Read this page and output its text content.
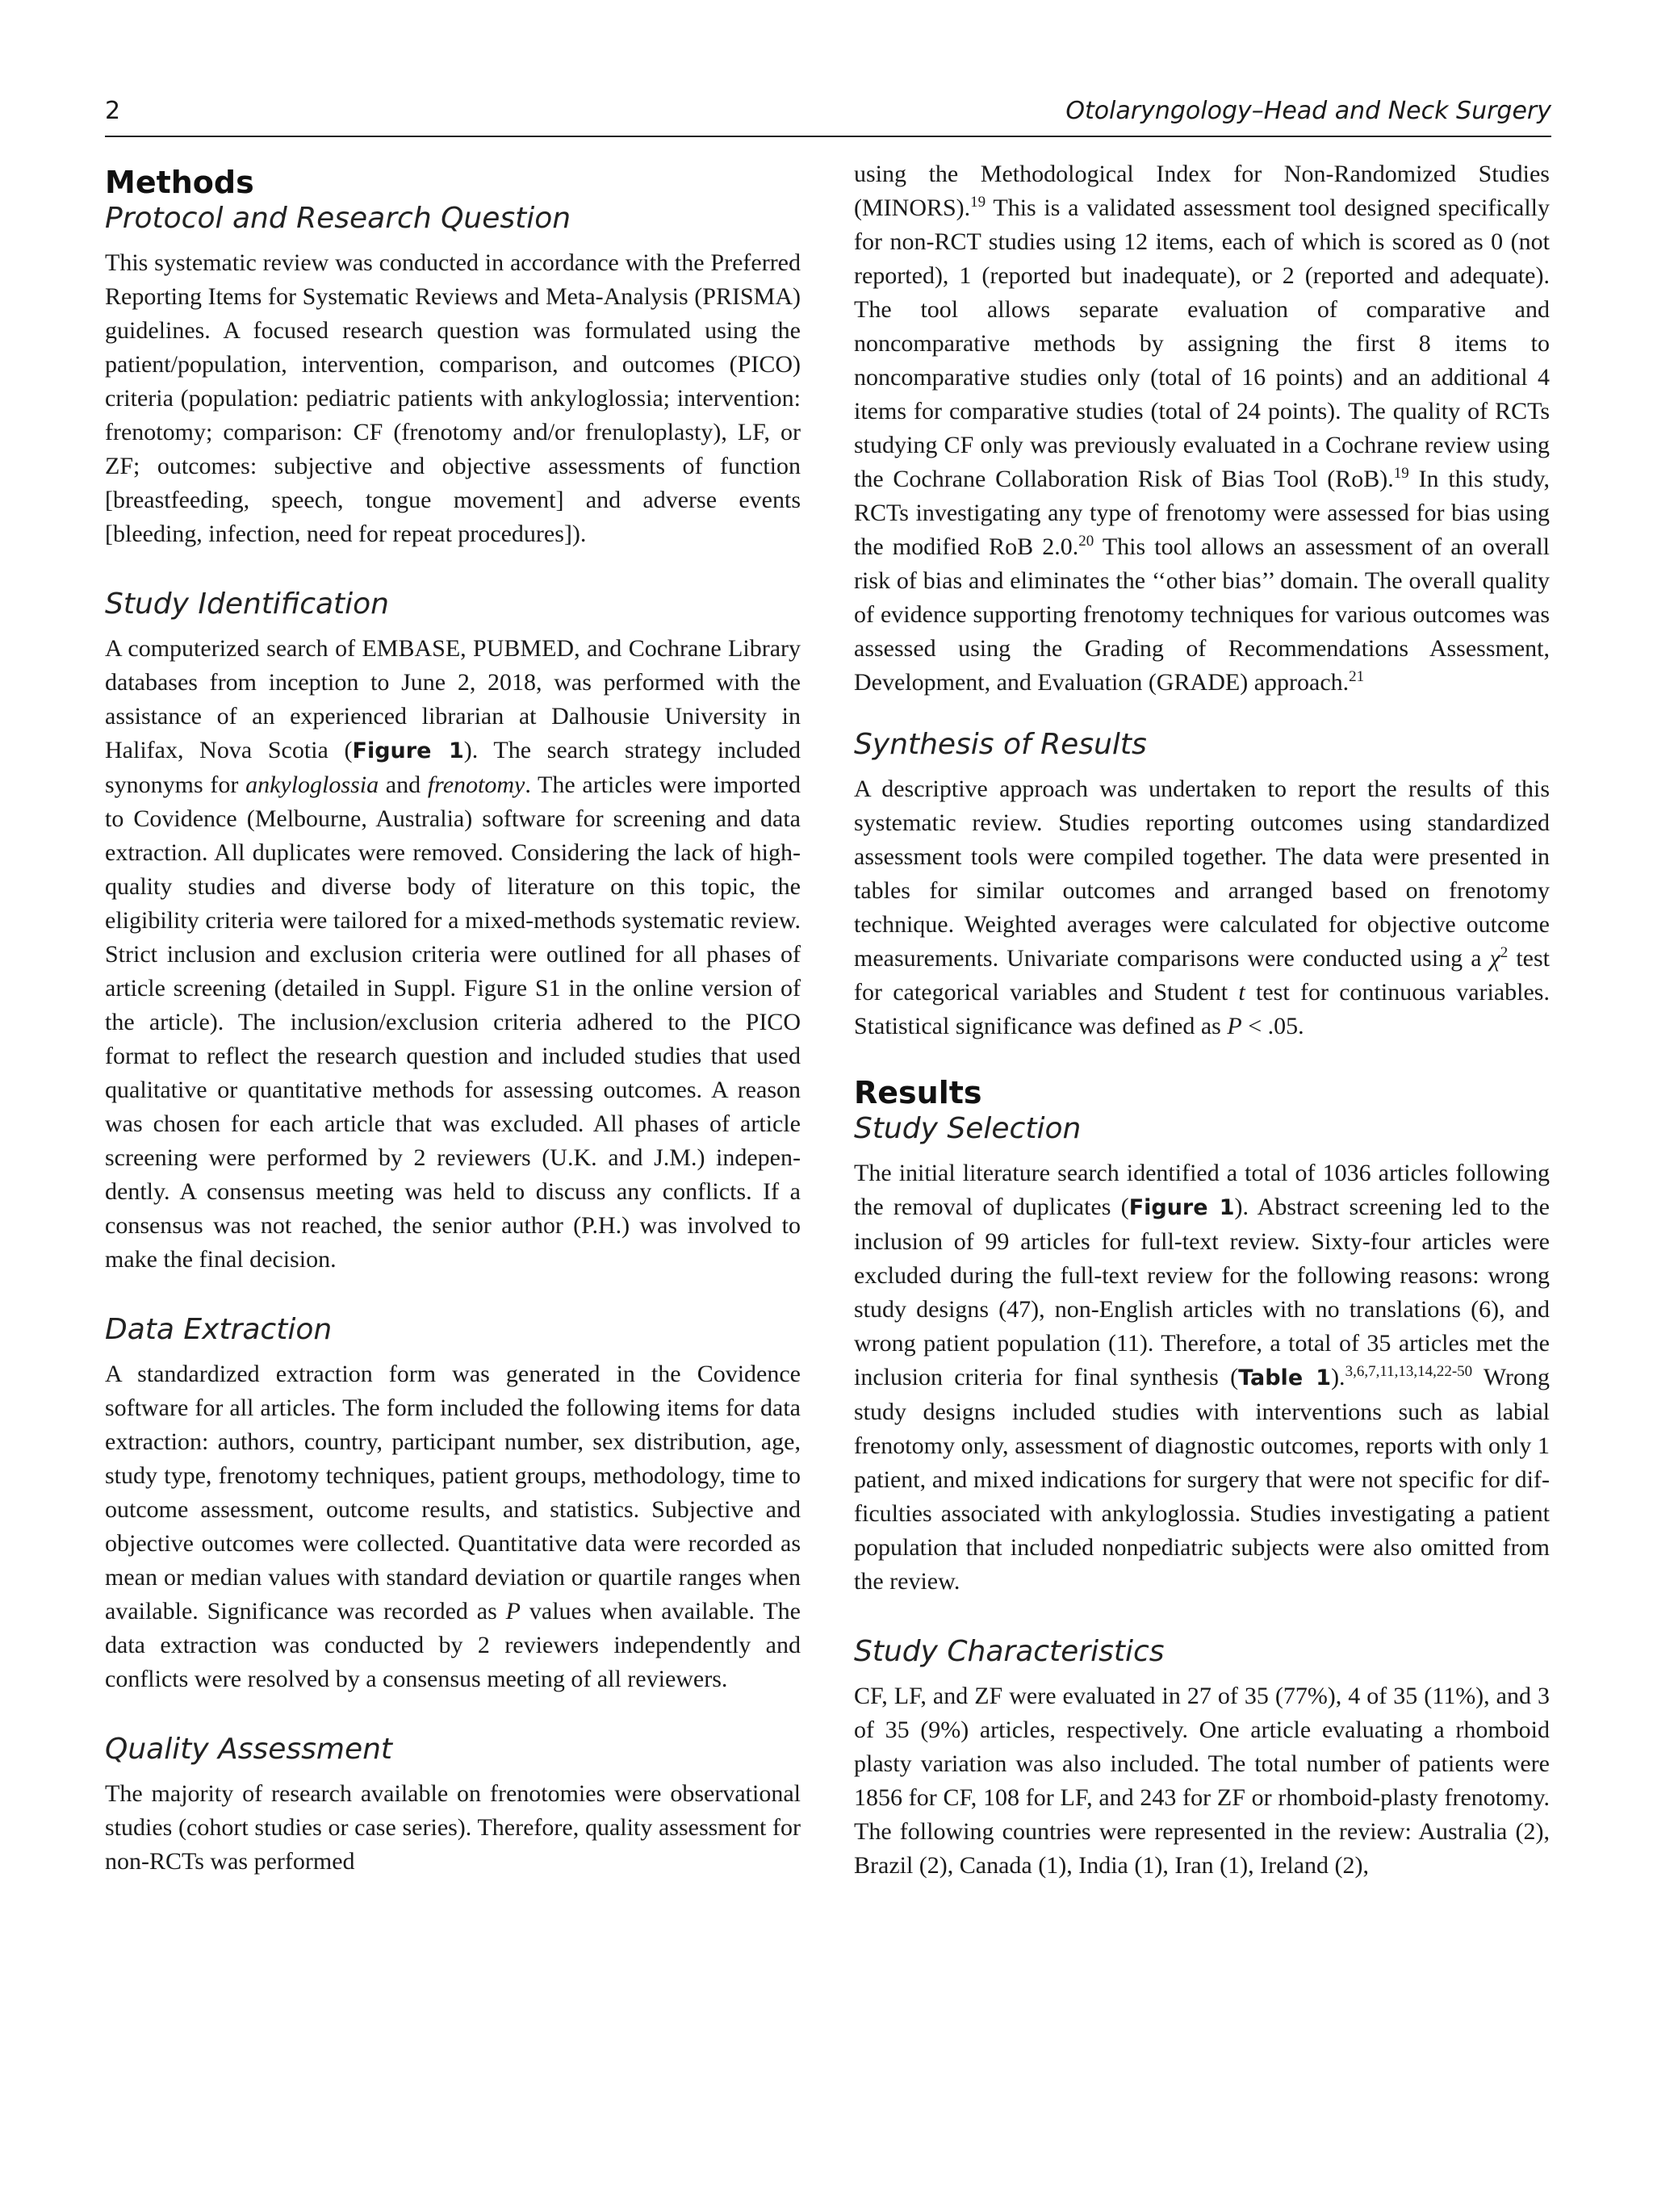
2	Otolaryngology–Head and Neck Surgery
Methods
Protocol and Research Question

This systematic review was conducted in accordance with the Preferred Reporting Items for Systematic Reviews and Meta-Analysis (PRISMA) guidelines. A focused research question was formulated using the patient/population, intervention, comparison, and outcomes (PICO) criteria (population: pediatric patients with ankyloglossia; intervention: frenotomy; comparison: CF (frenotomy and/or frenuloplasty), LF, or ZF; outcomes: subjective and objective assessments of function [breastfeeding, speech, tongue movement] and adverse events [bleeding, infection, need for repeat procedures]).

Study Identification

A computerized search of EMBASE, PUBMED, and Cochrane Library databases from inception to June 2, 2018, was performed with the assistance of an experienced librarian at Dalhousie University in Halifax, Nova Scotia (Figure 1). The search strategy included synonyms for ankyloglossia and frenotomy. The articles were imported to Covidence (Melbourne, Australia) software for screening and data extraction. All duplicates were removed. Considering the lack of high-quality studies and diverse body of literature on this topic, the eligibility criteria were tailored for a mixed-methods systematic review. Strict inclusion and exclusion criteria were outlined for all phases of article screening (detailed in Suppl. Figure S1 in the online version of the article). The inclusion/exclusion criteria adhered to the PICO format to reflect the research question and included studies that used qualitative or quantitative methods for assessing outcomes. A reason was chosen for each article that was excluded. All phases of article screening were performed by 2 reviewers (U.K. and J.M.) independently. A consensus meeting was held to discuss any conflicts. If a consensus was not reached, the senior author (P.H.) was involved to make the final decision.

Data Extraction

A standardized extraction form was generated in the Covidence software for all articles. The form included the following items for data extraction: authors, country, participant number, sex distribution, age, study type, frenotomy techniques, patient groups, methodology, time to outcome assessment, outcome results, and statistics. Subjective and objective outcomes were collected. Quantitative data were recorded as mean or median values with standard deviation or quartile ranges when available. Significance was recorded as P values when available. The data extraction was conducted by 2 reviewers independently and conflicts were resolved by a consensus meeting of all reviewers.

Quality Assessment

The majority of research available on frenotomies were observational studies (cohort studies or case series). Therefore, quality assessment for non-RCTs was performed

using the Methodological Index for Non-Randomized Studies (MINORS).$^{19}$ This is a validated assessment tool designed specifically for non-RCT studies using 12 items, each of which is scored as 0 (not reported), 1 (reported but inadequate), or 2 (reported and adequate). The tool allows separate evaluation of comparative and noncomparative methods by assigning the first 8 items to noncomparative studies only (total of 16 points) and an additional 4 items for comparative studies (total of 24 points). The quality of RCTs studying CF only was previously evaluated in a Cochrane review using the Cochrane Collaboration Risk of Bias Tool (RoB).$^{19}$ In this study, RCTs investigating any type of frenotomy were assessed for bias using the modified RoB 2.0.20 This tool allows an assessment of an overall risk of bias and eliminates the ‘‘other bias’’ domain. The overall quality of evidence supporting frenotomy techniques for various outcomes was assessed using the Grading of Recommendations Assessment, Development, and Evaluation (GRADE) approach.$^{21}$

Synthesis of Results

A descriptive approach was undertaken to report the results of this systematic review. Studies reporting outcomes using standardized assessment tools were compiled together. The data were presented in tables for similar outcomes and arranged based on frenotomy technique. Weighted averages were calculated for objective outcome measurements. Univariate comparisons were conducted using a χ$^2$ test for categorical variables and Student t test for continuous variables. Statistical significance was defined as P < .05.

Results
Study Selection

The initial literature search identified a total of 1036 articles following the removal of duplicates (Figure 1). Abstract screening led to the inclusion of 99 articles for full-text review. Sixty-four articles were excluded during the full-text review for the following reasons: wrong study designs (47), non-English articles with no translations (6), and wrong patient population (11). Therefore, a total of 35 articles met the inclusion criteria for final synthesis (Table 1).$^{3,6,7,11,13,14,22-50}$ Wrong study designs included studies with interventions such as labial frenotomy only, assessment of diagnostic outcomes, reports with only 1 patient, and mixed indications for surgery that were not specific for difficulties associated with ankyloglossia. Studies investigating a patient population that included nonpediatric subjects were also omitted from the review.

Study Characteristics

CF, LF, and ZF were evaluated in 27 of 35 (77%), 4 of 35 (11%), and 3 of 35 (9%) articles, respectively. One article evaluating a rhomboid plasty variation was also included. The total number of patients were 1856 for CF, 108 for LF, and 243 for ZF or rhomboid-plasty frenotomy. The following countries were represented in the review: Australia (2), Brazil (2), Canada (1), India (1), Iran (1), Ireland (2),
